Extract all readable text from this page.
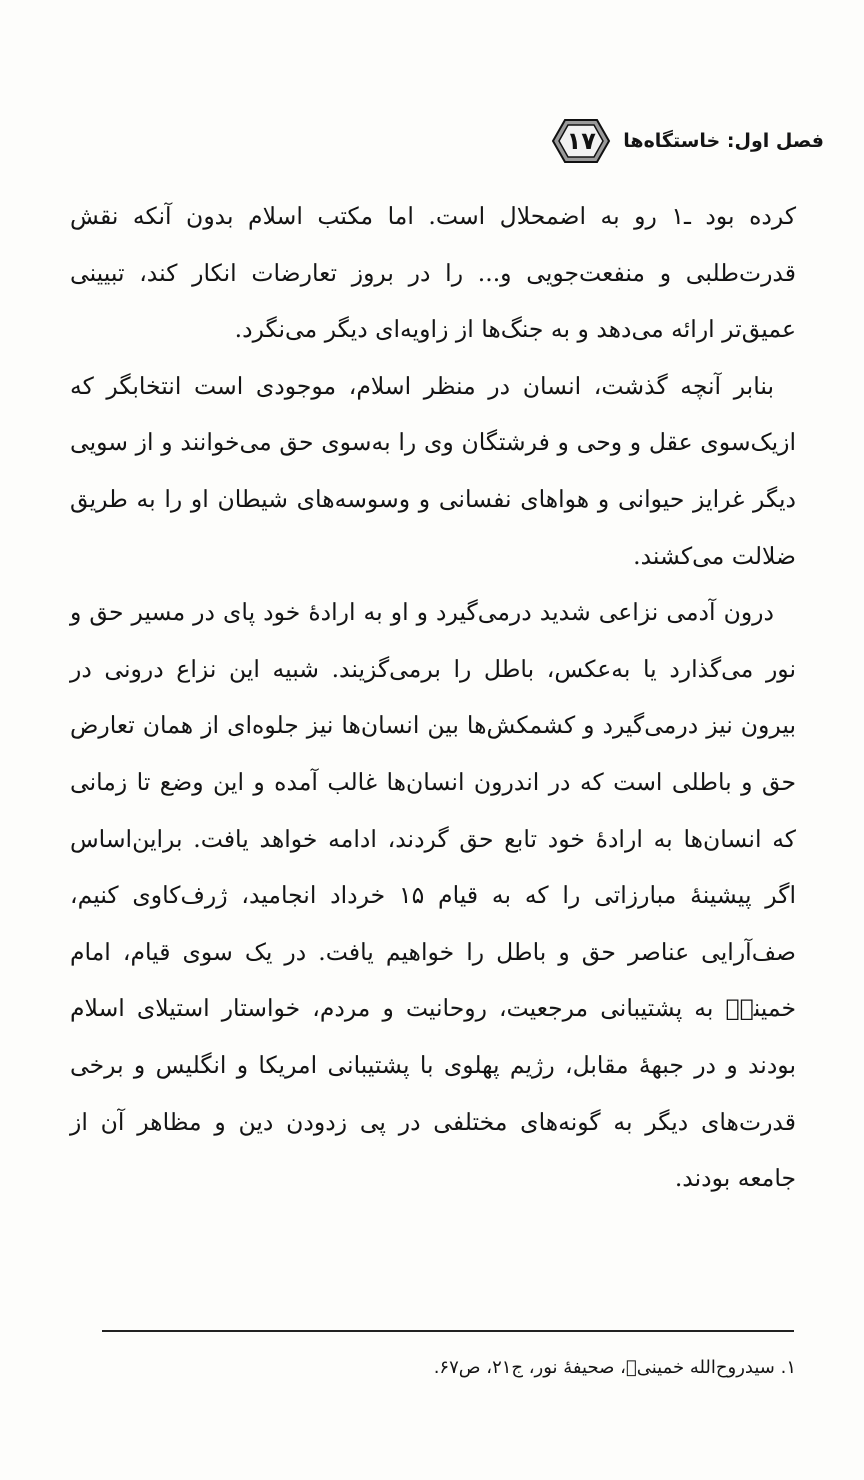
۱۷ فصل اول: خاستگاه‌ها

کرده بود ـ۱ رو به اضمحلال است. اما مکتب اسلام بدون آنکه نقش قدرت‌طلبی و منفعت‌جویی و... را در بروز تعارضات انکار کند، تبیینی عمیق‌تر ارائه می‌دهد و به جنگ‌ها از زاویه‌ای دیگر می‌نگرد.

بنابر آنچه گذشت، انسان در منظر اسلام، موجودی است انتخابگر که ازیک‌سوی عقل و وحی و فرشتگان وی را به‌سوی حق می‌خوانند و از سویی دیگر غرایز حیوانی و هواهای نفسانی و وسوسه‌های شیطان او را به طریق ضلالت می‌کشند.

درون آدمی نزاعی شدید درمی‌گیرد و او به ارادهٔ خود پای در مسیر حق و نور می‌گذارد یا به‌عکس، باطل را برمی‌گزیند. شبیه این نزاع درونی در بیرون نیز درمی‌گیرد و کشمکش‌ها بین انسان‌ها نیز جلوه‌ای از همان تعارض حق و باطلی است که در اندرون انسان‌ها غالب آمده و این وضع تا زمانی که انسان‌ها به ارادهٔ خود تابع حق گردند، ادامه خواهد یافت. براین‌اساس اگر پیشینهٔ مبارزاتی را که به قیام ۱۵ خرداد انجامید، ژرف‌کاوی کنیم، صف‌آرایی عناصر حق و باطل را خواهیم یافت. در یک سوی قیام، امام خمینیؒ به پشتیبانی مرجعیت، روحانیت و مردم، خواستار استیلای اسلام بودند و در جبههٔ مقابل، رژیم پهلوی با پشتیبانی امریکا و انگلیس و برخی قدرت‌های دیگر به گونه‌های مختلفی در پی زدودن دین و مظاهر آن از جامعه بودند.

۱. سیدروح‌الله خمینیؒ، صحیفهٔ نور، ج۲۱، ص۶۷.
